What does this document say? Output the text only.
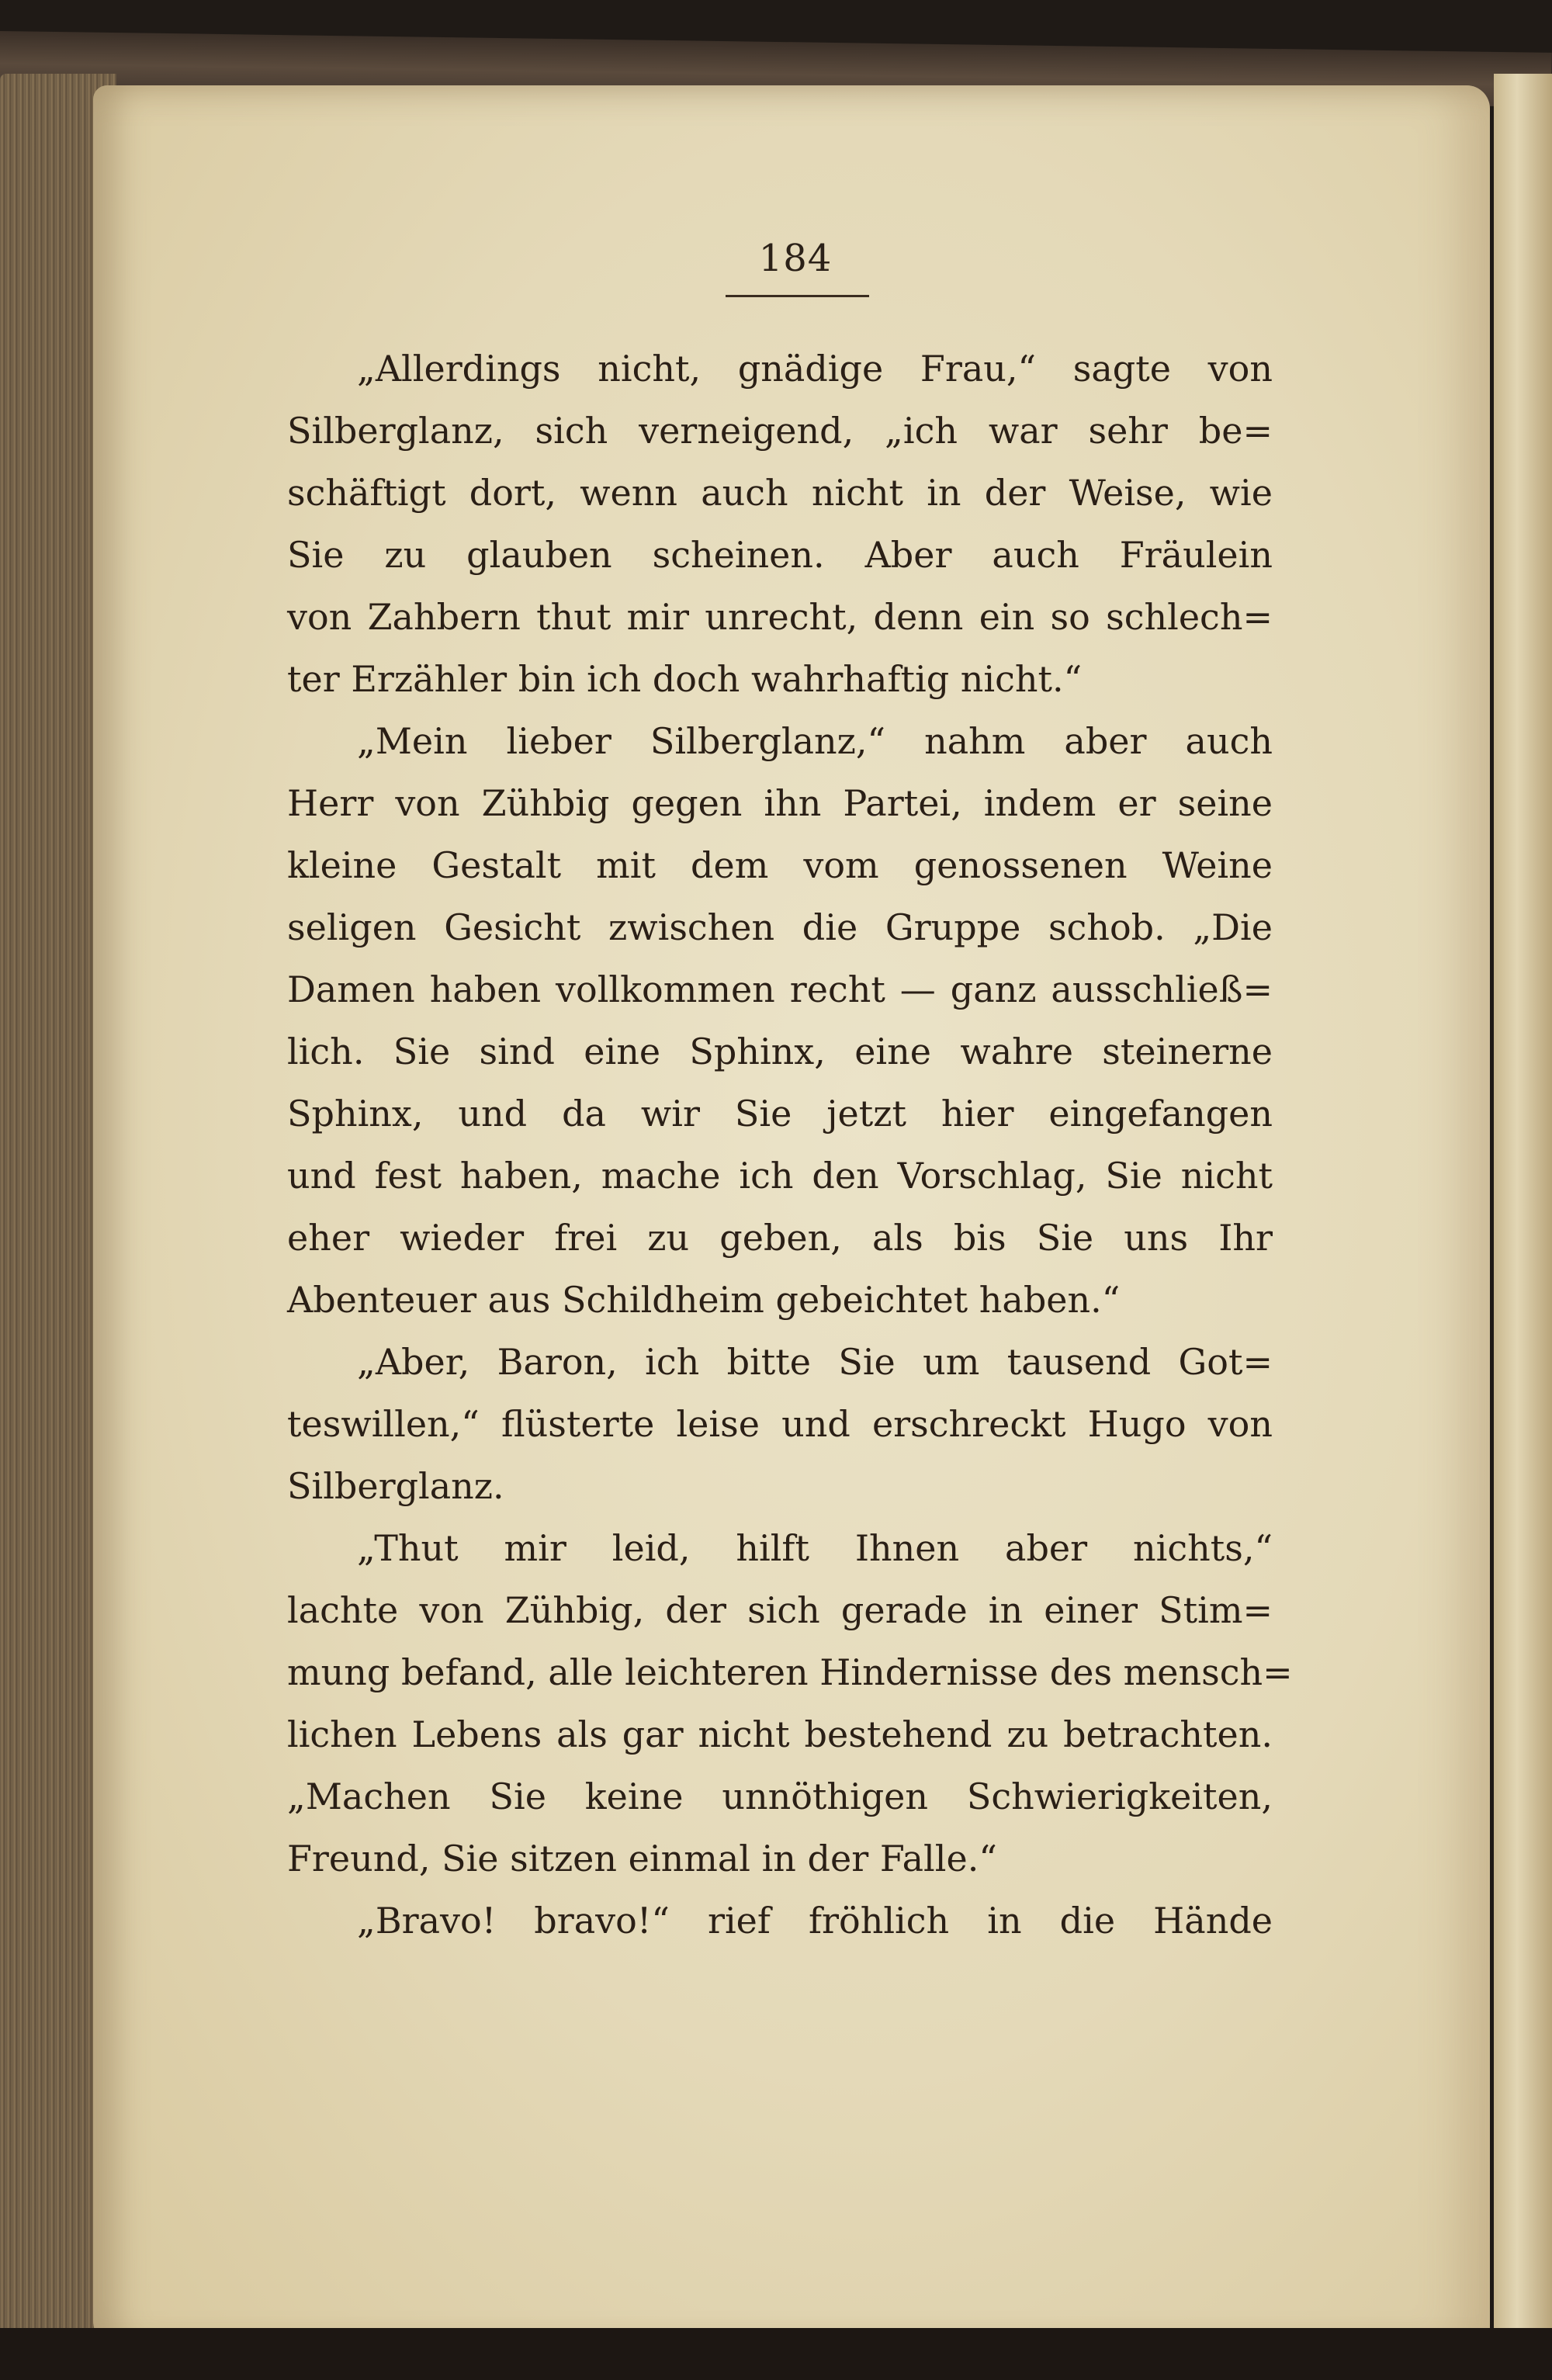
184
„Allerdings nicht, gnädige Frau,“ sagte von
Silberglanz, sich verneigend, „ich war sehr be=
schäftigt dort, wenn auch nicht in der Weise, wie
Sie zu glauben scheinen. Aber auch Fräulein
von Zahbern thut mir unrecht, denn ein so schlech=
ter Erzähler bin ich doch wahrhaftig nicht.“
„Mein lieber Silberglanz,“ nahm aber auch
Herr von Zühbig gegen ihn Partei, indem er seine
kleine Gestalt mit dem vom genossenen Weine
seligen Gesicht zwischen die Gruppe schob. „Die
Damen haben vollkommen recht — ganz ausschließ=
lich. Sie sind eine Sphinx, eine wahre steinerne
Sphinx, und da wir Sie jetzt hier eingefangen
und fest haben, mache ich den Vorschlag, Sie nicht
eher wieder frei zu geben, als bis Sie uns Ihr
Abenteuer aus Schildheim gebeichtet haben.“
„Aber, Baron, ich bitte Sie um tausend Got=
teswillen,“ flüsterte leise und erschreckt Hugo von
Silberglanz.
„Thut mir leid, hilft Ihnen aber nichts,“
lachte von Zühbig, der sich gerade in einer Stim=
mung befand, alle leichteren Hindernisse des mensch=
lichen Lebens als gar nicht bestehend zu betrachten.
„Machen Sie keine unnöthigen Schwierigkeiten,
Freund, Sie sitzen einmal in der Falle.“
„Bravo! bravo!“ rief fröhlich in die Hände
